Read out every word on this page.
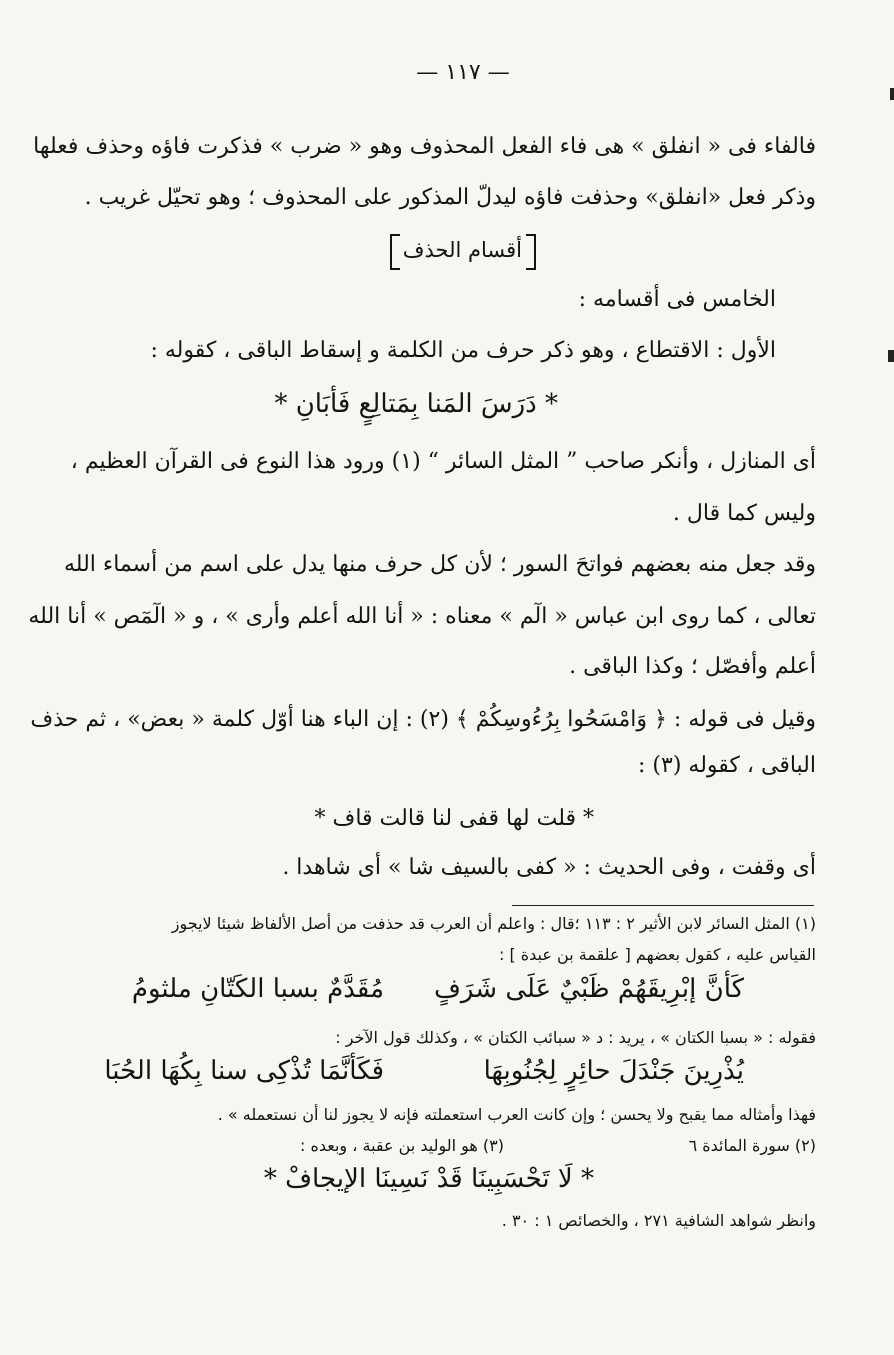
— ١١٧ —
فالفاء فى « انفلق » هى فاء الفعل المحذوف وهو « ضرب » فذكرت فاؤه وحذف فعلها
وذكر فعل «انفلق» وحذفت فاؤه ليدلّ المذكور على المحذوف ؛ وهو تحيّل غريب .
أقسام الحذف
الخامس فى أقسامه :
الأول : الاقتطاع ، وهو ذكر حرف من الكلمة و إسقاط الباقى ، كقوله :
* دَرَسَ المَنا بِمَتالِعٍ فَأبَانِ *
أى المنازل ، وأنكر صاحب ” المثل السائر “ (١) ورود هذا النوع فى القرآن العظيم ،
وليس كما قال .
وقد جعل منه بعضهم فواتحَ السور ؛ لأن كل حرف منها يدل على اسم من أسماء الله
تعالى ، كما روى ابن عباس « الٓم » معناه : « أنا الله أعلم وأرى » ، و « الٓمٓص » أنا الله
أعلم وأفصّل ؛ وكذا الباقى .
وقيل فى قوله : ﴿ وَامْسَحُوا بِرُءُوسِكُمْ ﴾ (٢) : إن الباء هنا أوّل كلمة « بعض» ، ثم حذف
الباقى ، كقوله (٣) :
* قلت لها قفى لنا قالت قاف *
أى وقفت ، وفى الحديث : « كفى بالسيف شا » أى شاهدا .
(١) المثل السائر لابن الأثير ٢ : ١١٣ ؛قال : واعلم أن العرب قد حذفت من أصل الألفاظ شيئا لايجوز
القياس عليه ، كقول بعضهم [ علقمة بن عبدة ] :
كَأنَّ إبْرِيقَهُمْ ظَبْيٌ عَلَى شَرَفٍ
مُقَدَّمٌ بسبا الكَتّانِ ملثومُ
فقوله : « بسبا الكتان » ، يريد : د « سبائب الكتان » ، وكذلك قول الآخر :
يُذْرِينَ جَنْدَلَ حائِرٍ لِجُنُوبِهَا
فَكَأنَّمَا تُذْكِى سنا بِكُهَا الحُبَا
فهذا وأمثاله مما يقبح ولا يحسن ؛ وإن كانت العرب استعملته فإنه لا يجوز لنا أن نستعمله » .
(٢) سورة المائدة ٦
(٣) هو الوليد بن عقبة ، وبعده :
* لَا تَحْسَبِينَا قَدْ نَسِينَا الإيجافْ *
وانظر شواهد الشافية ٢٧١ ، والخصائص ١ : ٣٠ .
